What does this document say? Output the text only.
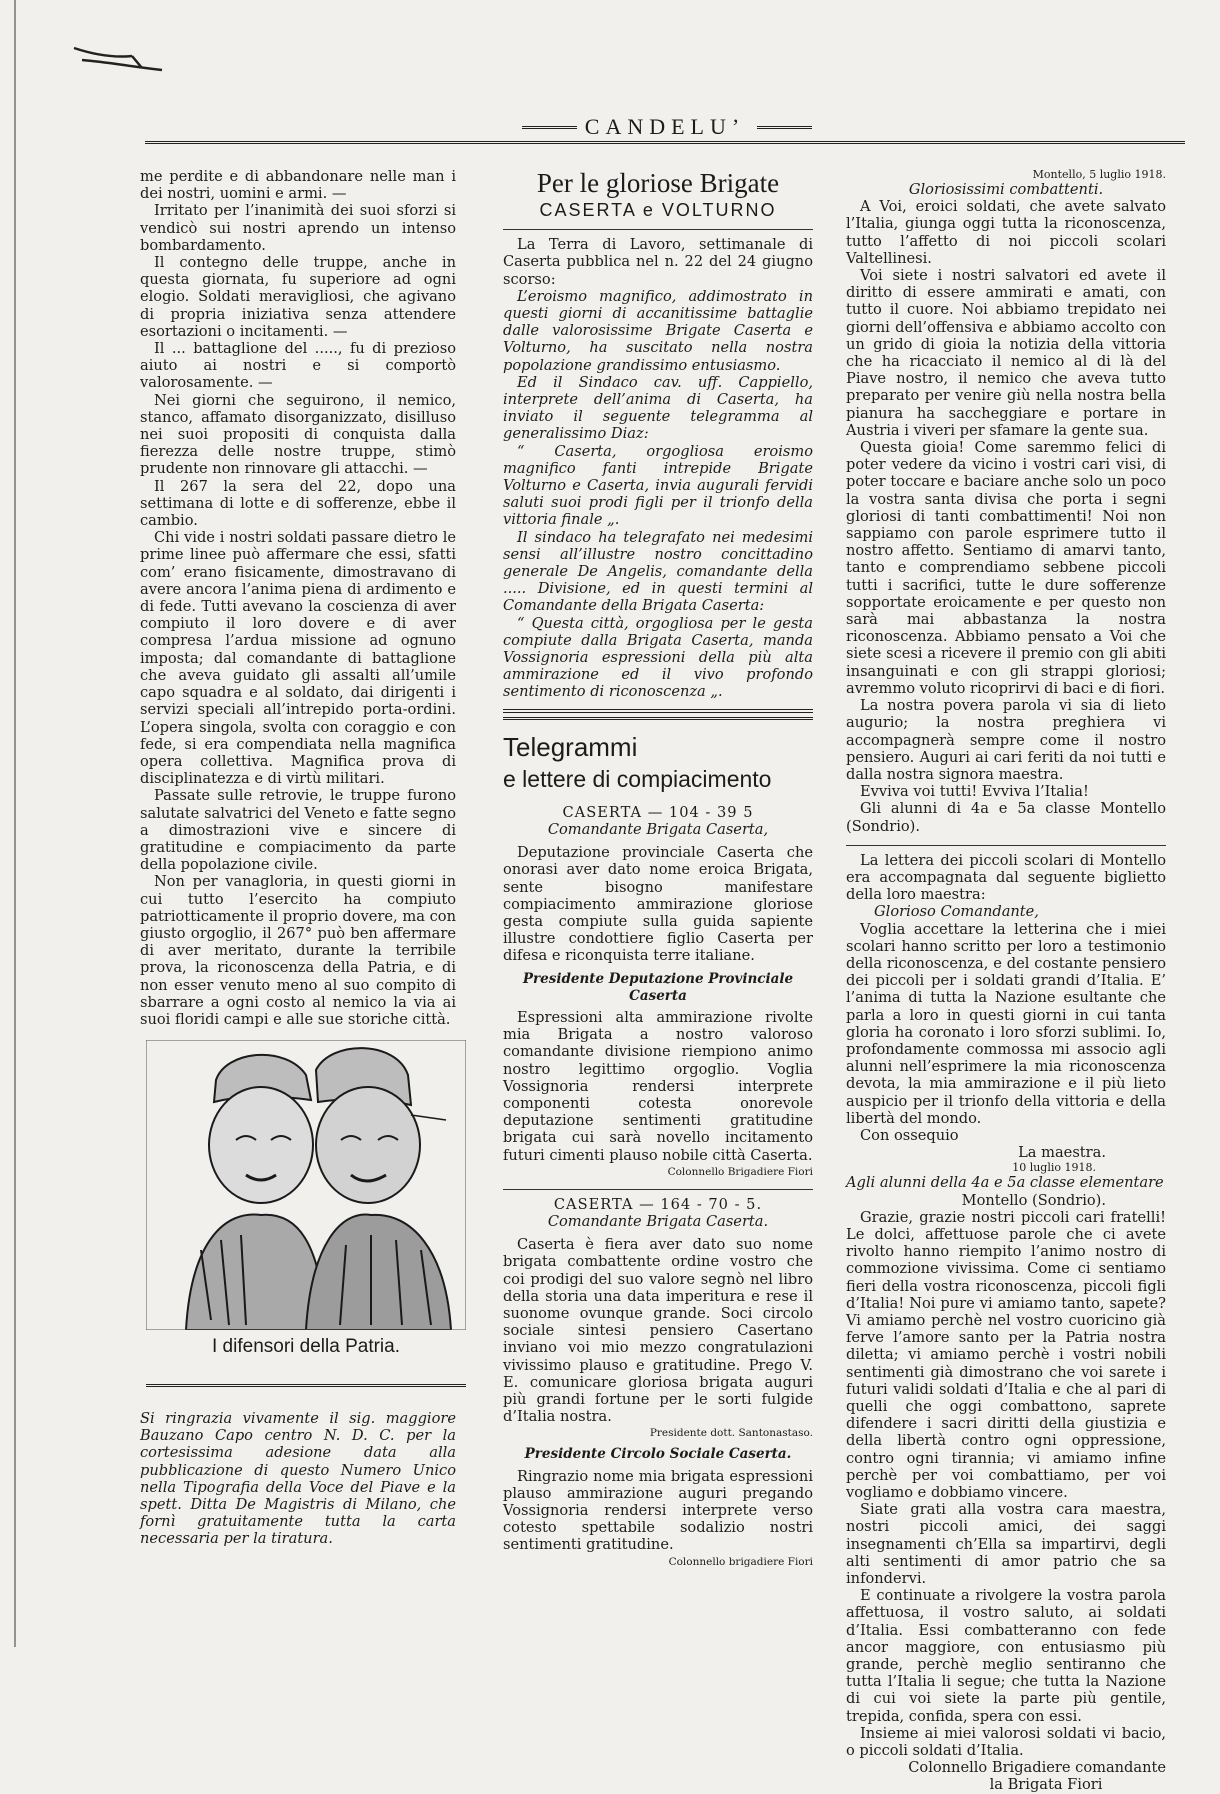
CANDELU’

me perdite e di abbandonare nelle man i dei nostri, uomini e armi. —

Irritato per l’inanimità dei suoi sforzi si vendicò sui nostri aprendo un intenso bombardamento.

Il contegno delle truppe, anche in questa giornata, fu superiore ad ogni elogio. Soldati meravigliosi, che agivano di propria iniziativa senza attendere esortazioni o incitamenti. —

Il ... battaglione del ....., fu di prezioso aiuto ai nostri e si comportò valorosamente. —

Nei giorni che seguirono, il nemico, stanco, affamato disorganizzato, disilluso nei suoi propositi di conquista dalla fierezza delle nostre truppe, stimò prudente non rinnovare gli attacchi. —

Il 267 la sera del 22, dopo una settimana di lotte e di sofferenze, ebbe il cambio.

Chi vide i nostri soldati passare dietro le prime linee può affermare che essi, sfatti com’ erano fisicamente, dimostravano di avere ancora l’anima piena di ardimento e di fede. Tutti avevano la coscienza di aver compiuto il loro dovere e di aver compresa l’ardua missione ad ognuno imposta; dal comandante di battaglione che aveva guidato gli assalti all’umile capo squadra e al soldato, dai dirigenti i servizi speciali all’intrepido porta-ordini. L’opera singola, svolta con coraggio e con fede, si era compendiata nella magnifica opera collettiva. Magnifica prova di disciplinatezza e di virtù militari.

Passate sulle retrovie, le truppe furono salutate salvatrici del Veneto e fatte segno a dimostrazioni vive e sincere di gratitudine e compiacimento da parte della popolazione civile.

Non per vanagloria, in questi giorni in cui tutto l’esercito ha compiuto patriotticamente il proprio dovere, ma con giusto orgoglio, il 267° può ben affermare di aver meritato, durante la terribile prova, la riconoscenza della Patria, e di non esser venuto meno al suo compito di sbarrare a ogni costo al nemico la via ai suoi floridi campi e alle sue storiche città.

I difensori della Patria.
Si ringrazia vivamente il sig. maggiore Bauzano Capo centro N. D. C. per la cortesissima adesione data alla pubblicazione di questo Numero Unico nella Tipografia della Voce del Piave e la spett. Ditta De Magistris di Milano, che fornì gratuitamente tutta la carta necessaria per la tiratura.
Per le gloriose Brigate
CASERTA e VOLTURNO

La Terra di Lavoro, settimanale di Caserta pubblica nel n. 22 del 24 giugno scorso:

L’eroismo magnifico, addimostrato in questi giorni di accanitissime battaglie dalle valorosissime Brigate Caserta e Volturno, ha suscitato nella nostra popolazione grandissimo entusiasmo.

Ed il Sindaco cav. uff. Cappiello, interprete dell’anima di Caserta, ha inviato il seguente telegramma al generalissimo Diaz:

“ Caserta, orgogliosa eroismo magnifico fanti intrepide Brigate Volturno e Caserta, invia augurali fervidi saluti suoi prodi figli per il trionfo della vittoria finale „.

Il sindaco ha telegrafato nei medesimi sensi all’illustre nostro concittadino generale De Angelis, comandante della ..... Divisione, ed in questi termini al Comandante della Brigata Caserta:

“ Questa città, orgogliosa per le gesta compiute dalla Brigata Caserta, manda Vossignoria espressioni della più alta ammirazione ed il vivo profondo sentimento di riconoscenza „.

Telegrammi
e lettere di compiacimento
CASERTA — 104 - 39 5
Comandante Brigata Caserta,

Deputazione provinciale Caserta che onorasi aver dato nome eroica Brigata, sente bisogno manifestare compiacimento ammirazione gloriose gesta compiute sulla guida sapiente illustre condottiere figlio Caserta per difesa e riconquista terre italiane.

Presidente Deputazione Provinciale Caserta

Espressioni alta ammirazione rivolte mia Brigata a nostro valoroso comandante divisione riempiono animo nostro legittimo orgoglio. Voglia Vossignoria rendersi interprete componenti cotesta onorevole deputazione sentimenti gratitudine brigata cui sarà novello incitamento futuri cimenti plauso nobile città Caserta.

Colonnello Brigadiere Fiori
CASERTA — 164 - 70 - 5.
Comandante Brigata Caserta.

Caserta è fiera aver dato suo nome brigata combattente ordine vostro che coi prodigi del suo valore segnò nel libro della storia una data imperitura e rese il suonome ovunque grande. Soci circolo sociale sintesi pensiero Casertano inviano voi mio mezzo congratulazioni vivissimo plauso e gratitudine. Prego V. E. comunicare gloriosa brigata auguri più grandi fortune per le sorti fulgide d’Italia nostra.

Presidente dott. Santonastaso.
Presidente Circolo Sociale Caserta.

Ringrazio nome mia brigata espressioni plauso ammirazione auguri pregando Vossignoria rendersi interprete verso cotesto spettabile sodalizio nostri sentimenti gratitudine.

Colonnello brigadiere Fiori
Montello, 5 luglio 1918.
Gloriosissimi combattenti.

A Voi, eroici soldati, che avete salvato l’Italia, giunga oggi tutta la riconoscenza, tutto l’affetto di noi piccoli scolari Valtellinesi.

Voi siete i nostri salvatori ed avete il diritto di essere ammirati e amati, con tutto il cuore. Noi abbiamo trepidato nei giorni dell’offensiva e abbiamo accolto con un grido di gioia la notizia della vittoria che ha ricacciato il nemico al di là del Piave nostro, il nemico che aveva tutto preparato per venire giù nella nostra bella pianura ha saccheggiare e portare in Austria i viveri per sfamare la gente sua.

Questa gioia! Come saremmo felici di poter vedere da vicino i vostri cari visi, di poter toccare e baciare anche solo un poco la vostra santa divisa che porta i segni gloriosi di tanti combattimenti! Noi non sappiamo con parole esprimere tutto il nostro affetto. Sentiamo di amarvi tanto, tanto e comprendiamo sebbene piccoli tutti i sacrifici, tutte le dure sofferenze sopportate eroicamente e per questo non sarà mai abbastanza la nostra riconoscenza. Abbiamo pensato a Voi che siete scesi a ricevere il premio con gli abiti insanguinati e con gli strappi gloriosi; avremmo voluto ricoprirvi di baci e di fiori.

La nostra povera parola vi sia di lieto augurio; la nostra preghiera vi accompagnerà sempre come il nostro pensiero. Auguri ai cari feriti da noi tutti e dalla nostra signora maestra.

Evviva voi tutti! Evviva l’Italia!

Gli alunni di 4a e 5a classe Montello (Sondrio).

La lettera dei piccoli scolari di Montello era accompagnata dal seguente biglietto della loro maestra:

Glorioso Comandante,

Voglia accettare la letterina che i miei scolari hanno scritto per loro a testimonio della riconoscenza, e del costante pensiero dei piccoli per i soldati grandi d’Italia. E’ l’anima di tutta la Nazione esultante che parla a loro in questi giorni in cui tanta gloria ha coronato i loro sforzi sublimi. Io, profondamente commossa mi associo agli alunni nell’esprimere la mia riconoscenza devota, la mia ammirazione e il più lieto auspicio per il trionfo della vittoria e della libertà del mondo.

Con ossequio

La maestra.
10 luglio 1918.
Agli alunni della 4a e 5a classe elementare
Montello (Sondrio).

Grazie, grazie nostri piccoli cari fratelli! Le dolci, affettuose parole che ci avete rivolto hanno riempito l’animo nostro di commozione vivissima. Come ci sentiamo fieri della vostra riconoscenza, piccoli figli d’Italia! Noi pure vi amiamo tanto, sapete? Vi amiamo perchè nel vostro cuoricino già ferve l’amore santo per la Patria nostra diletta; vi amiamo perchè i vostri nobili sentimenti già dimostrano che voi sarete i futuri validi soldati d’Italia e che al pari di quelli che oggi combattono, saprete difendere i sacri diritti della giustizia e della libertà contro ogni oppressione, contro ogni tirannia; vi amiamo infine perchè per voi combattiamo, per voi vogliamo e dobbiamo vincere.

Siate grati alla vostra cara maestra, nostri piccoli amici, dei saggi insegnamenti ch’Ella sa impartirvi, degli alti sentimenti di amor patrio che sa infondervi.

E continuate a rivolgere la vostra parola affettuosa, il vostro saluto, ai soldati d’Italia. Essi combatteranno con fede ancor maggiore, con entusiasmo più grande, perchè meglio sentiranno che tutta l’Italia li segue; che tutta la Nazione di cui voi siete la parte più gentile, trepida, confida, spera con essi.

Insieme ai miei valorosi soldati vi bacio, o piccoli soldati d’Italia.

Colonnello Brigadiere comandante
la Brigata Fiori
